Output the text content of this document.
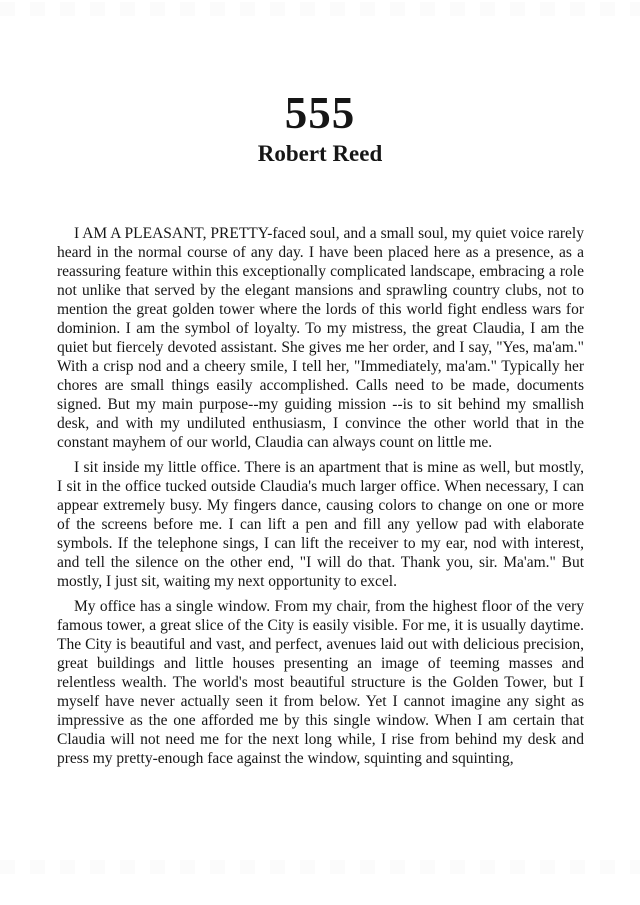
555
Robert Reed

I AM A PLEASANT, PRETTY-faced soul, and a small soul, my quiet voice rarely heard in the normal course of any day. I have been placed here as a presence, as a reassuring feature within this exceptionally complicated landscape, embracing a role not unlike that served by the elegant mansions and sprawling country clubs, not to mention the great golden tower where the lords of this world fight endless wars for dominion. I am the symbol of loyalty. To my mistress, the great Claudia, I am the quiet but fiercely devoted assistant. She gives me her order, and I say, "Yes, ma'am." With a crisp nod and a cheery smile, I tell her, "Immediately, ma'am." Typically her chores are small things easily accomplished. Calls need to be made, documents signed. But my main purpose--my guiding mission --is to sit behind my smallish desk, and with my undiluted enthusiasm, I convince the other world that in the constant mayhem of our world, Claudia can always count on little me.

I sit inside my little office. There is an apartment that is mine as well, but mostly, I sit in the office tucked outside Claudia's much larger office. When necessary, I can appear extremely busy. My fingers dance, causing colors to change on one or more of the screens before me. I can lift a pen and fill any yellow pad with elaborate symbols. If the telephone sings, I can lift the receiver to my ear, nod with interest, and tell the silence on the other end, "I will do that. Thank you, sir. Ma'am." But mostly, I just sit, waiting my next opportunity to excel.

My office has a single window. From my chair, from the highest floor of the very famous tower, a great slice of the City is easily visible. For me, it is usually daytime. The City is beautiful and vast, and perfect, avenues laid out with delicious precision, great buildings and little houses presenting an image of teeming masses and relentless wealth. The world's most beautiful structure is the Golden Tower, but I myself have never actually seen it from below. Yet I cannot imagine any sight as impressive as the one afforded me by this single window. When I am certain that Claudia will not need me for the next long while, I rise from behind my desk and press my pretty-enough face against the window, squinting and squinting,
